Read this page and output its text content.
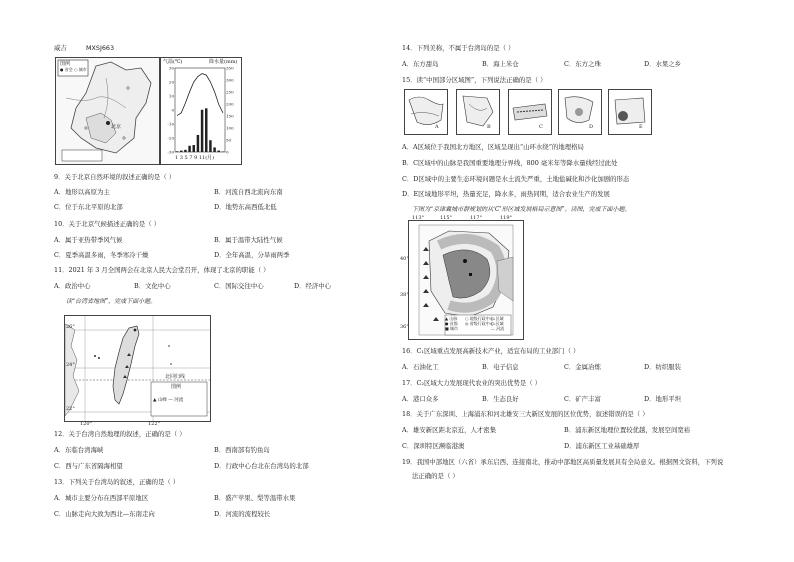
威吉	MXSJ663
图例
● 省会 ○ 城市
北京
气温(℃)	降水量(mm)
30
20
10
0
-10
-20
-30
350
300
250
200
150
100
50
0
1 3 5 7 9 11(月)
9．关于北京自然环境的叙述正确的是（ ）
A．地形以高原为主	B．河流自西北流向东南
C．位于东北平原的北部	D．地势东高西低北低
10．关于北京气候描述正确的是（ ）
A．属于亚热带季风气候	B．属于温带大陆性气候
C．夏季高温多雨，冬季寒冷干燥	D．全年高温，分旱雨两季
11．2021 年 3 月全国两会在北京人民大会堂召开，体现了北京的职能（ ）
A．政治中心	B．文化中心	C．国际交往中心	D．经济中心
读“台湾省地图”，完成下面小题。
26°
24°
22°
北回归线
图例
▲ 山峰 — 河流
120°	122°
12．关于台湾自然地理的叙述，正确的是（ ）
A．东临台湾海峡	B．西南部有钓鱼岛
C．西与广东省隔海相望	D．行政中心台北在台湾岛的北部
13．下列关于台湾岛的叙述，正确的是（ ）
A．城市主要分布在西部平原地区	B．盛产苹果、梨等温带水果
C．山脉走向大致为西北—东南走向	D．河流的流程较长
14．下列美称，不属于台湾岛的是（ ）
A．东方甜岛	B．海上米仓	C．东方之珠	D．水果之乡
15．读“中国部分区域图”，下列说法正确的是（ ）
A	B	C	D	E
A．A区域位于我国北方地区，区域呈现出“山环水绕”的地理格局
B．C区域中的山脉是我国重要地理分界线，800 毫米年等降水量线经过此处
C．D区域中的主要生态环境问题是水土流失严重，土地盐碱化和沙化加剧的形态
D．E区域地形平坦，热量充足，降水多，雨热同期，适合农业生产的发展
下图为“京津冀城市群规划的从‘C’形区域发展格局示意图”。读图，完成下面小题。
▲ 山脉
● 首都
■ 城市
○ 地级行政中心
◎ 省级行政中心
C₁区域
C₂区域
— 河流
113°	115°	117°	119°
40°
38°
36°
16．C₁区域重点发展高新技术产业，适宜布局的工业部门（ ）
A．石油化工	B．电子信息	C．金属冶炼	D．纺织服装
17．C₂区域大力发展现代农业的突出优势是（ ）
A．港口众多	B．生态良好	C．矿产丰富	D．地形平坦
18．关于广东深圳、上海浦东和河北雄安三大新区发展的区位优势，叙述错误的是（ ）
A．雄安新区距北京近，人才密集	B．浦东新区地理位置较优越，发展空间宽裕
C．深圳特区濒临港澳	D．浦东新区工业基础雄厚
19．我国中部地区（六省）承东启西、连接南北，推动中部地区高质量发展具有全局意义。根据图文资料，下列说
法正确的是（ ）
